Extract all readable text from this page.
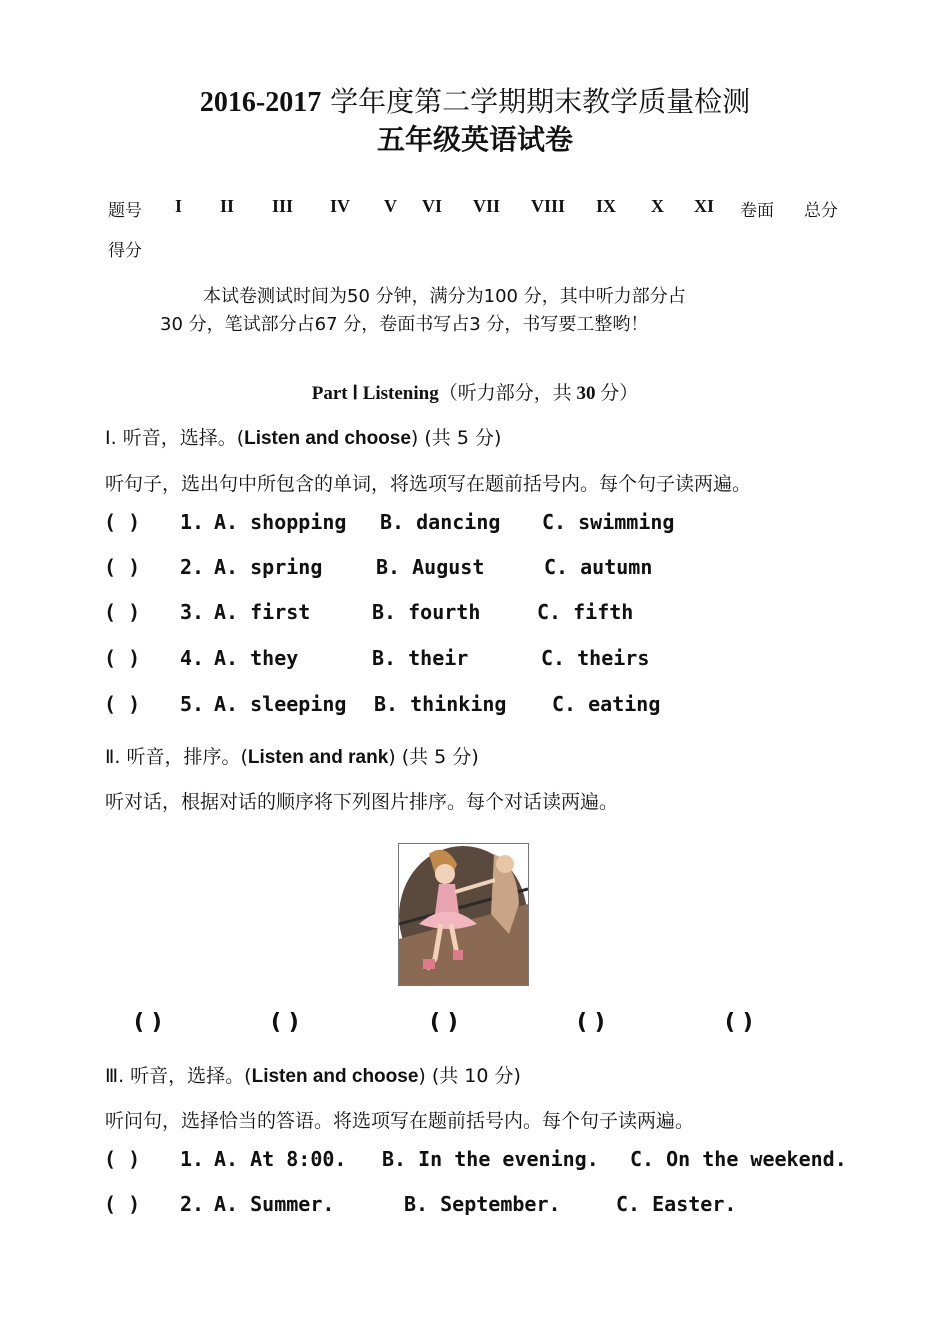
2016-2017 学年度第二学期期末教学质量检测
五年级英语试卷
题号 I II III IV V VI VII VIII IX X XI 卷面 总分
得分
本试卷测试时间为50 分钟，满分为100 分，其中听力部分占
30 分，笔试部分占67 分，卷面书写占3 分，书写要工整哟！
Part Ⅰ Listening（听力部分，共 30 分）
Ⅰ. 听音，选择。(Listen and choose) (共 5 分)
听句子，选出句中所包含的单词，将选项写在题前括号内。每个句子读两遍。
( ) 1. A. shopping B. dancing C. swimming
( ) 2. A. spring	B. August	C. autumn
( ) 3. A. first	B. fourth	C. fifth
( ) 4. A. they	B. their	C. theirs
( ) 5. A. sleeping B. thinking C. eating
Ⅱ. 听音，排序。(Listen and rank) (共 5 分)
听对话，根据对话的顺序将下列图片排序。每个对话读两遍。
( )	( )	( )	( )	( )
Ⅲ. 听音，选择。(Listen and choose) (共 10 分)
听问句，选择恰当的答语。将选项写在题前括号内。每个句子读两遍。
( ) 1. A. At 8:00. B. In the evening. C. On the weekend.
( ) 2. A. Summer.	B. September.	C. Easter.
